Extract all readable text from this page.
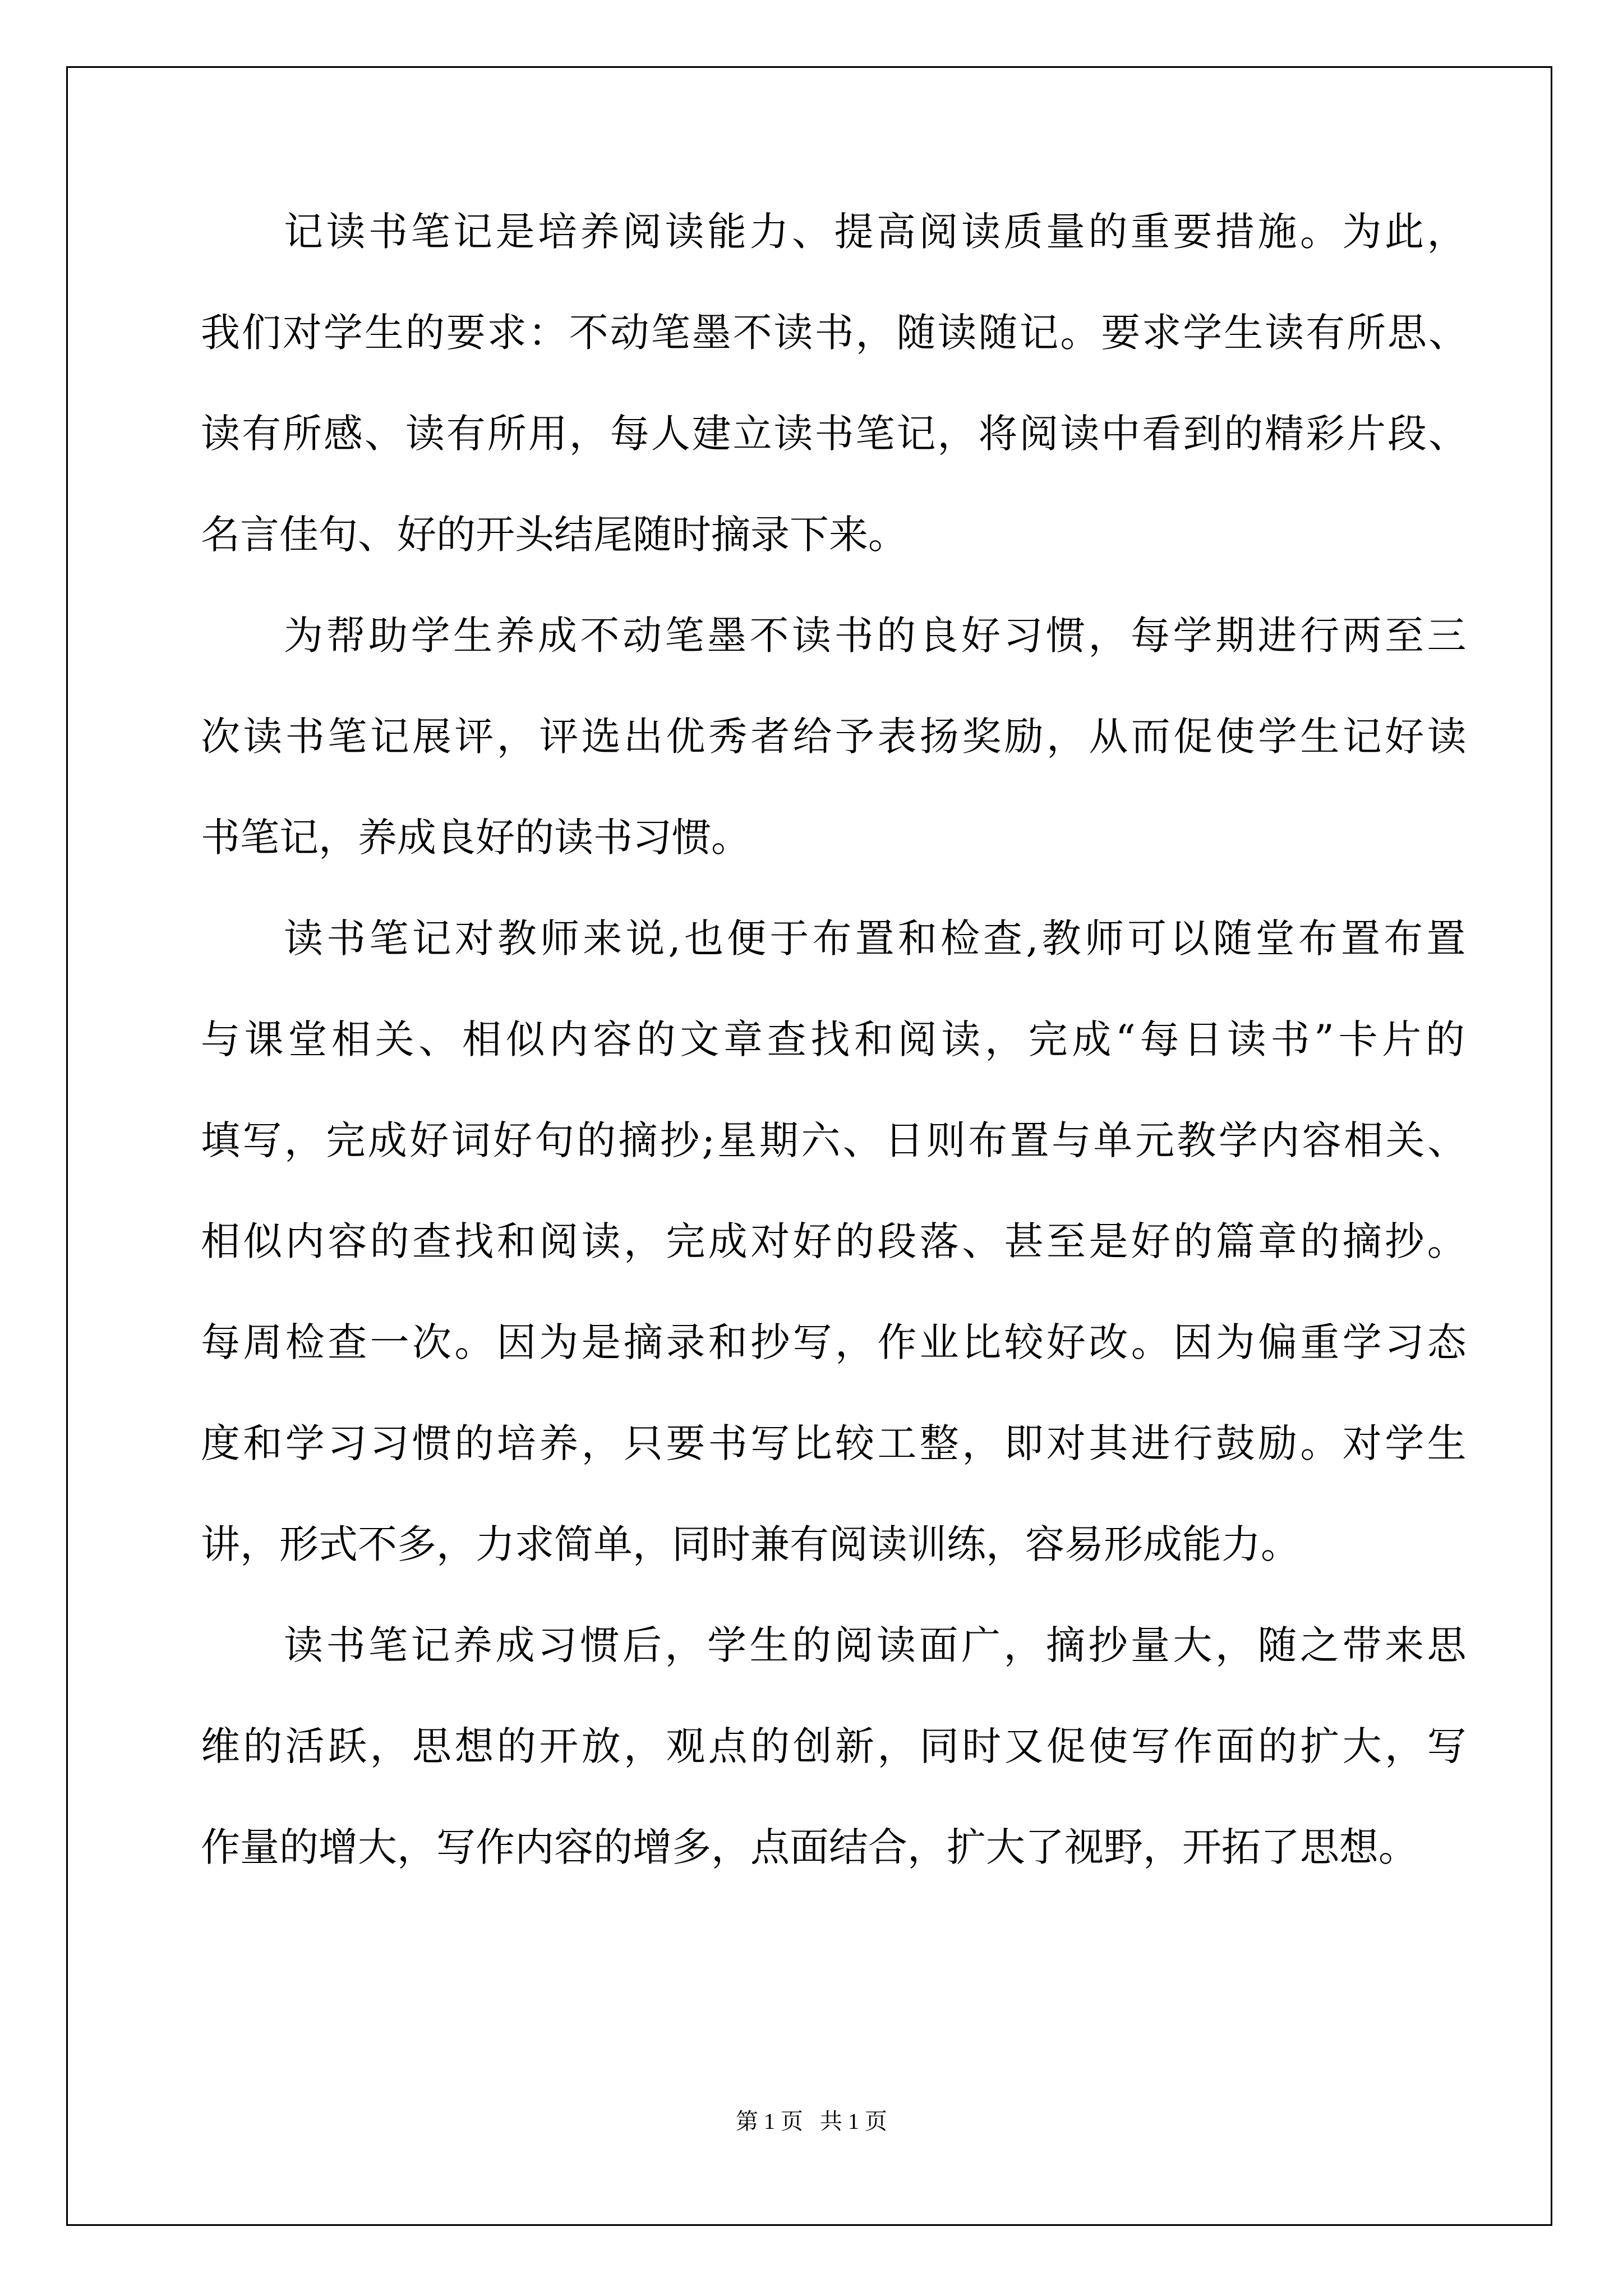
记读书笔记是培养阅读能力、提高阅读质量的重要措施。为此，
我们对学生的要求：不动笔墨不读书，随读随记。要求学生读有所思、
读有所感、读有所用，每人建立读书笔记，将阅读中看到的精彩片段、
名言佳句、好的开头结尾随时摘录下来。
为帮助学生养成不动笔墨不读书的良好习惯，每学期进行两至三
次读书笔记展评，评选出优秀者给予表扬奖励，从而促使学生记好读
书笔记，养成良好的读书习惯。
读书笔记对教师来说,也便于布置和检查,教师可以随堂布置布置
与课堂相关、相似内容的文章查找和阅读，完成“每日读书”卡片的
填写，完成好词好句的摘抄;星期六、日则布置与单元教学内容相关、
相似内容的查找和阅读，完成对好的段落、甚至是好的篇章的摘抄。
每周检查一次。因为是摘录和抄写，作业比较好改。因为偏重学习态
度和学习习惯的培养，只要书写比较工整，即对其进行鼓励。对学生
讲，形式不多，力求简单，同时兼有阅读训练，容易形成能力。
读书笔记养成习惯后，学生的阅读面广，摘抄量大，随之带来思
维的活跃，思想的开放，观点的创新，同时又促使写作面的扩大，写
作量的增大，写作内容的增多，点面结合，扩大了视野，开拓了思想。
第 1 页   共 1 页
